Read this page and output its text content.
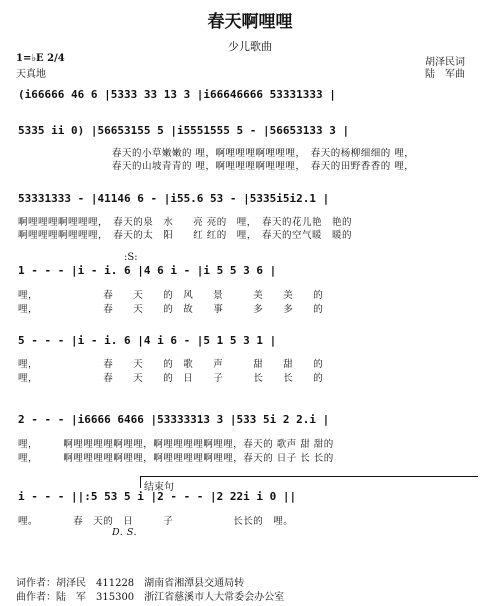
春天啊哩哩
少儿歌曲
1=♭E 2/4
天真地
胡泽民词
陆　军曲
(i66666 46 6 |5333 33 13 3 |i66646666 53331333 |
5335 ii 0) |56653155 5 |i5551555 5 - |56653133 3 |
春天的小草嫩嫩的 哩，啊哩哩哩啊哩哩哩，　春天的杨柳细细的 哩，
春天的山坡青青的 哩，啊哩哩哩啊哩哩哩，　春天的田野香香的 哩，
53331333 - |41146 6 - |i55.6 53 - |5335i5i2.1 |
啊哩哩哩啊哩哩哩，　春天的泉　水　　亮 亮的　哩，　春天的花儿艳　艳的
啊哩哩哩啊哩哩哩，　春天的太　阳　　红 红的　哩，　春天的空气暖　暖的
:S:
1 - - - |i - i. 6 |4 6 i - |i 5 5 3 6 |
哩，　　　　　　　春　　天　　的　风　　景　　　美　　美　　的
哩，　　　　　　　春　　天　　的　故　　事　　　多　　多　　的
5 - - - |i - i. 6 |4 i 6 - |5 1 5 3 1 |
哩，　　　　　　　春　　天　　的　歌　　声　　　甜　　甜　　的
哩，　　　　　　　春　　天　　的　日　　子　　　长　　长　　的
2 - - - |i6666 6466 |53333313 3 |533 5i 2 2.i |
哩，　　　啊哩哩哩哩啊哩哩，啊哩哩哩哩啊哩哩，春天的 歌声 甜 甜的
哩，　　　啊哩哩哩哩啊哩哩，啊哩哩哩哩啊哩哩，春天的 日子 长 长的
结束句
i - - - ||:5 53 5 i |2 - - - |2 22i i 0 ||
哩。　　　　春　天的　日　　　子　　　　　　长长的　哩。
D. S.
词作者：胡泽民　411228　湖南省湘潭县交通局转
曲作者：陆　军　315300　浙江省慈溪市人大常委会办公室
